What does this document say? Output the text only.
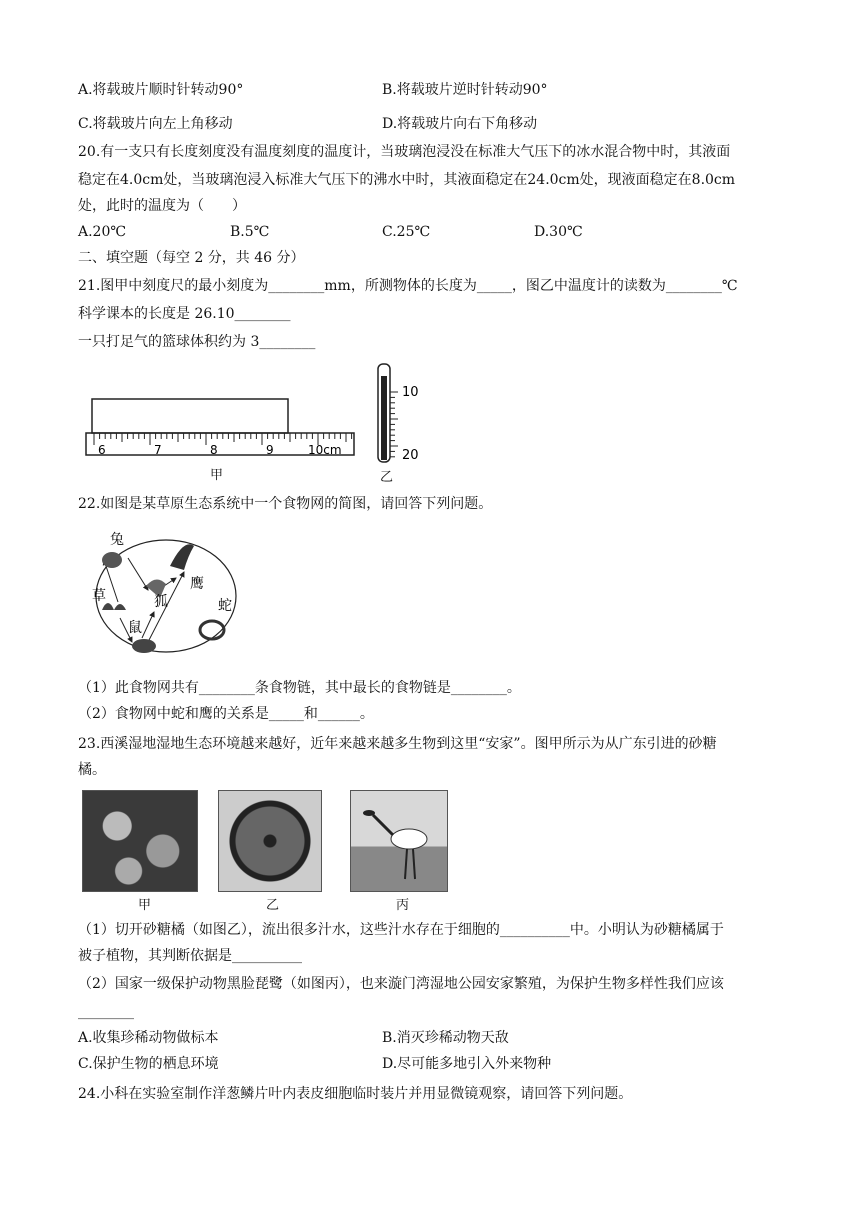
A.将载玻片顺时针转动90°	B.将载玻片逆时针转动90°
C.将载玻片向左上角移动	D.将载玻片向右下角移动
20.有一支只有长度刻度没有温度刻度的温度计，当玻璃泡浸没在标准大气压下的冰水混合物中时，其液面
稳定在4.0cm处，当玻璃泡浸入标准大气压下的沸水中时，其液面稳定在24.0cm处，现液面稳定在8.0cm
处，此时的温度为（　　）
A.20℃	B.5℃	C.25℃	D.30℃
二、填空题（每空 2 分，共 46 分）
21.图甲中刻度尺的最小刻度为________mm，所测物体的长度为_____，图乙中温度计的读数为________℃
科学课本的长度是 26.10________
一只打足气的篮球体积约为 3________
6	7	8	9	10cm
甲
10
20
乙
22.如图是某草原生态系统中一个食物网的简图，请回答下列问题。
兔
草
鼠
狐
鹰
蛇
（1）此食物网共有________条食物链，其中最长的食物链是________。
（2）食物网中蛇和鹰的关系是_____和______。
23.西溪湿地湿地生态环境越来越好，近年来越来越多生物到这里“安家”。图甲所示为从广东引进的砂糖
橘。
甲	乙	丙
（1）切开砂糖橘（如图乙），流出很多汁水，这些汁水存在于细胞的__________中。小明认为砂糖橘属于
被子植物，其判断依据是__________
（2）国家一级保护动物黑脸琵鹭（如图丙），也来漩门湾湿地公园安家繁殖，为保护生物多样性我们应该
________
A.收集珍稀动物做标本	B.消灭珍稀动物天敌
C.保护生物的栖息环境	D.尽可能多地引入外来物种
24.小科在实验室制作洋葱鳞片叶内表皮细胞临时装片并用显微镜观察，请回答下列问题。
